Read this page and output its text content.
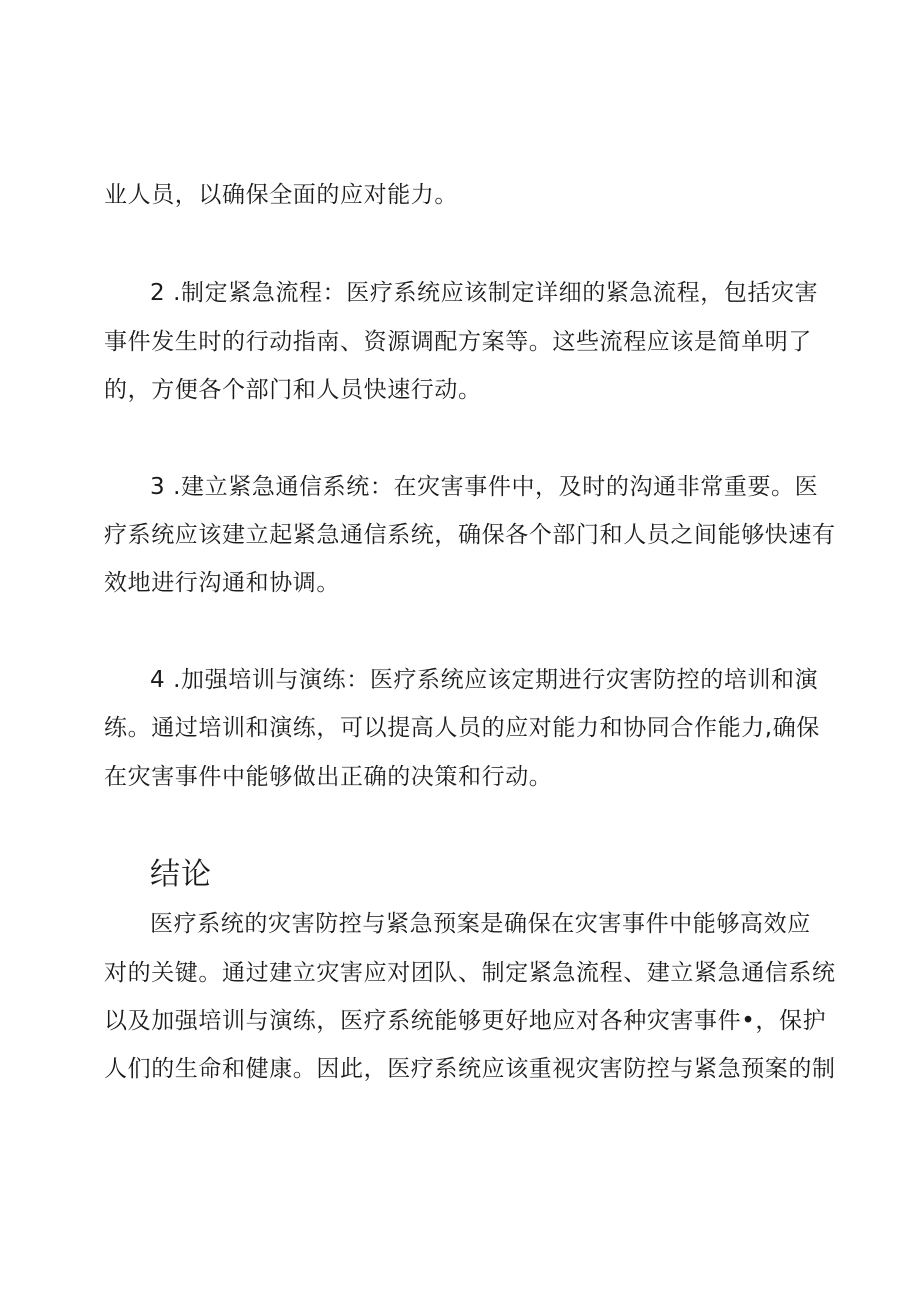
业人员，以确保全面的应对能力。
2 .制定紧急流程：医疗系统应该制定详细的紧急流程，包括灾害
事件发生时的行动指南、资源调配方案等。这些流程应该是简单明了
的，方便各个部门和人员快速行动。
3 .建立紧急通信系统：在灾害事件中，及时的沟通非常重要。医
疗系统应该建立起紧急通信系统，确保各个部门和人员之间能够快速有
效地进行沟通和协调。
4 .加强培训与演练：医疗系统应该定期进行灾害防控的培训和演
练。通过培训和演练，可以提高人员的应对能力和协同合作能力,确保
在灾害事件中能够做出正确的决策和行动。
结论
医疗系统的灾害防控与紧急预案是确保在灾害事件中能够高效应
对的关键。通过建立灾害应对团队、制定紧急流程、建立紧急通信系统
以及加强培训与演练，医疗系统能够更好地应对各种灾害事件•，保护
人们的生命和健康。因此，医疗系统应该重视灾害防控与紧急预案的制
